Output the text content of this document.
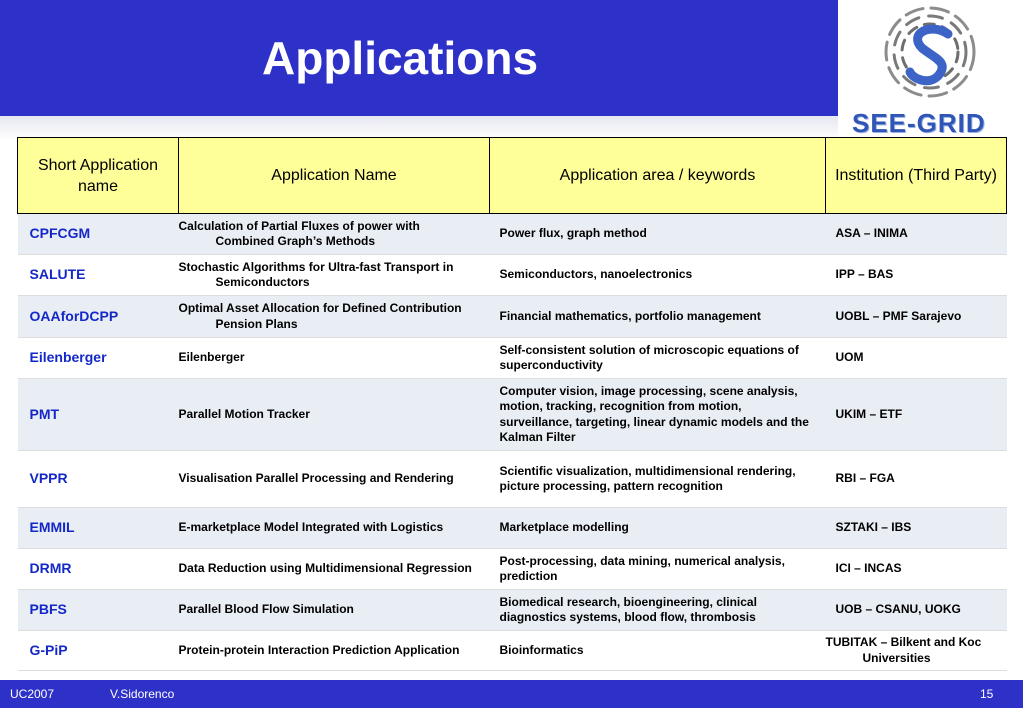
Applications
SEE-GRID
Short Application name	Application Name	Application area / keywords	Institution (Third Party)
CPFCGM	Calculation of Partial Fluxes of power with Combined Graph’s Methods	Power flux, graph method	ASA – INIMA
SALUTE	Stochastic Algorithms for Ultra-fast Transport in Semiconductors	Semiconductors, nanoelectronics	IPP – BAS
OAAforDCPP	Optimal Asset Allocation for Defined Contribution Pension Plans	Financial mathematics, portfolio management	UOBL – PMF Sarajevo
Eilenberger	Eilenberger	Self-consistent solution of microscopic equations of superconductivity	UOM
PMT	Parallel Motion Tracker	Computer vision, image processing, scene analysis, motion, tracking, recognition from motion, surveillance, targeting, linear dynamic models and the Kalman Filter	UKIM – ETF
VPPR	Visualisation Parallel Processing and Rendering	Scientific visualization, multidimensional rendering, picture processing, pattern recognition	RBI – FGA
EMMIL	E-marketplace Model Integrated with Logistics	Marketplace modelling	SZTAKI – IBS
DRMR	Data Reduction using Multidimensional Regression	Post-processing, data mining, numerical analysis, prediction	ICI – INCAS
PBFS	Parallel Blood Flow Simulation	Biomedical research, bioengineering, clinical diagnostics systems, blood flow, thrombosis	UOB – CSANU, UOKG
G-PiP	Protein-protein Interaction Prediction Application	Bioinformatics	TUBITAK – Bilkent and Koc Universities
UC2007	V.Sidorenco	15
